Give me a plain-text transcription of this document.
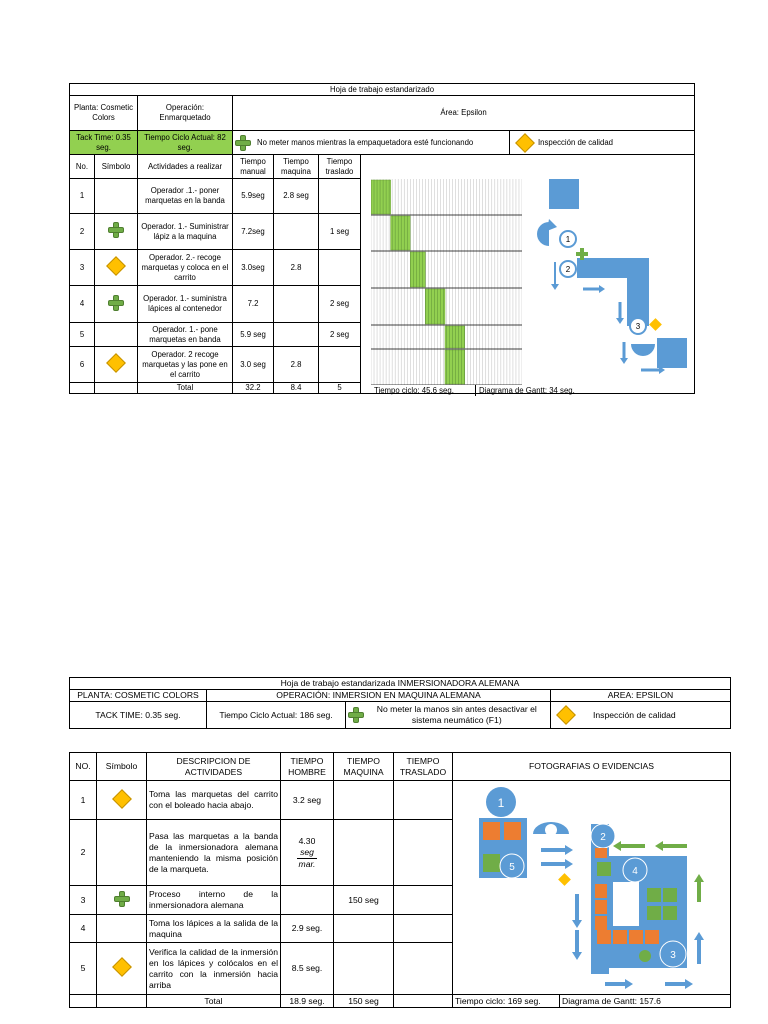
Hoja de trabajo estandarizado							
Planta: Cosmetic Colors		Operación: Enmarquetado	Área: Epsilon				
Tack Time: 0.35 seg.		Tiempo Ciclo Actual: 82 seg.	No meter manos mientras la empaquetadora esté funcionando				Inspección de calidad

No.	Símbolo	Actividades a realizar	Tiempo manual	Tiempo maquina	Tiempo traslado		
1		Operador .1.- poner marquetas en la banda	5.9seg	2.8 seg			
2		Operador. 1.- Suministrar lápiz a la maquina	7.2seg		1 seg		
3		Operador. 2.- recoge marquetas y coloca en el carrito	3.0seg	2.8			
4		Operador. 1.- suministra lápices al contenedor	7.2		2 seg		
5		Operador. 1.- pone marquetas en banda	5.9 seg		2 seg		
6		Operador. 2 recoge marquetas y las pone en el carrito	3.0 seg	2.8			
		Total	32.2	8.4	5		
1
2
3
Tiempo ciclo: 45.6 seg.	Diagrama de Gantt: 34 seg.
Hoja de trabajo estandarizada INMERSIONADORA ALEMANA			
PLANTA: COSMETIC COLORS	OPERACIÓN: INMERSION EN MAQUINA ALEMANA		AREA: EPSILON
TACK TIME: 0.35 seg.	Tiempo Ciclo Actual: 186 seg.	No meter la manos sin antes desactivar el sistema neumático (F1)	Inspección de calidad
NO.	Símbolo	DESCRIPCION DE ACTIVIDADES	TIEMPO HOMBRE	TIEMPO MAQUINA	TIEMPO TRASLADO	FOTOGRAFIAS O EVIDENCIAS	
1		Toma las marquetas del carrito con el boleado hacia abajo.	3.2 seg				
2		Pasa las marquetas a la banda de la inmersionadora alemana manteniendo la misma posición de la marqueta.	4.30
$\frac{\text{seg}}{\text{mar.}}$

3		Proceso interno de la inmersionadora alemana		150 seg			
4		Toma los lápices a la salida de la maquina	2.9 seg.				
5		Verifica la calidad de la inmersión en los lápices y colócalos en el carrito con la inmersión hacia arriba	8.5 seg.				
		Total	18.9 seg.	150 seg		Tiempo ciclo: 169 seg.	Diagrama de Gantt: 157.6
1
5
2
4
3
